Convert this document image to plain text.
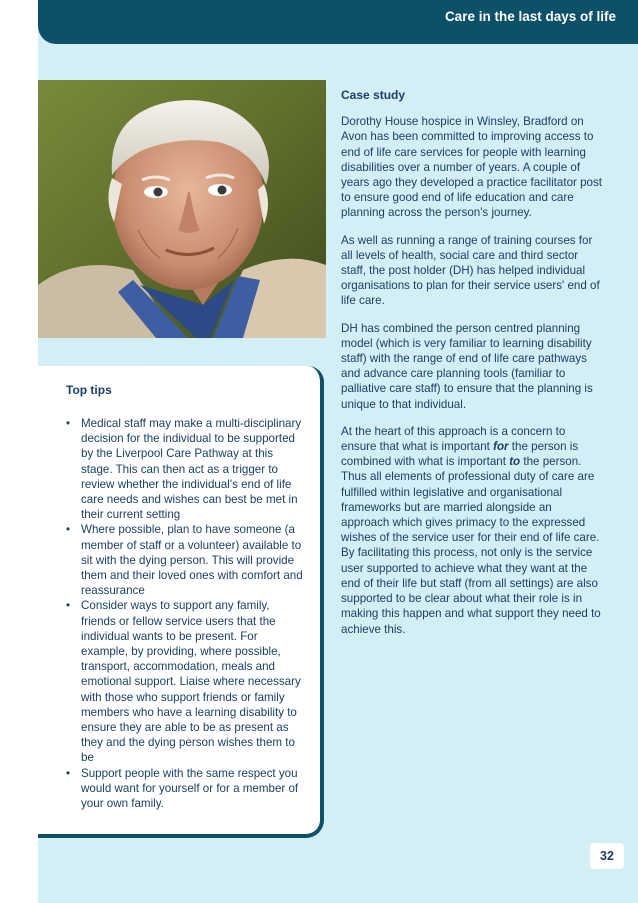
Care in the last days of life
Top tips
• Medical staff may make a multi-disciplinary decision for the individual to be supported by the Liverpool Care Pathway at this stage. This can then act as a trigger to review whether the individual's end of life care needs and wishes can best be met in their current setting
• Where possible, plan to have someone (a member of staff or a volunteer) available to sit with the dying person. This will provide them and their loved ones with comfort and reassurance
• Consider ways to support any family, friends or fellow service users that the individual wants to be present. For example, by providing, where possible, transport, accommodation, meals and emotional support. Liaise where necessary with those who support friends or family members who have a learning disability to ensure they are able to be as present as they and the dying person wishes them to be
• Support people with the same respect you would want for yourself or for a member of your own family.
Case study

Dorothy House hospice in Winsley, Bradford on Avon has been committed to improving access to end of life care services for people with learning disabilities over a number of years. A couple of years ago they developed a practice facilitator post to ensure good end of life education and care planning across the person's journey.

As well as running a range of training courses for all levels of health, social care and third sector staff, the post holder (DH) has helped individual organisations to plan for their service users' end of life care.

DH has combined the person centred planning model (which is very familiar to learning disability staff) with the range of end of life care pathways and advance care planning tools (familiar to palliative care staff) to ensure that the planning is unique to that individual.

At the heart of this approach is a concern to ensure that what is important for the person is combined with what is important to the person. Thus all elements of professional duty of care are fulfilled within legislative and organisational frameworks but are married alongside an approach which gives primacy to the expressed wishes of the service user for their end of life care. By facilitating this process, not only is the service user supported to achieve what they want at the end of their life but staff (from all settings) are also supported to be clear about what their role is in making this happen and what support they need to achieve this.

32
